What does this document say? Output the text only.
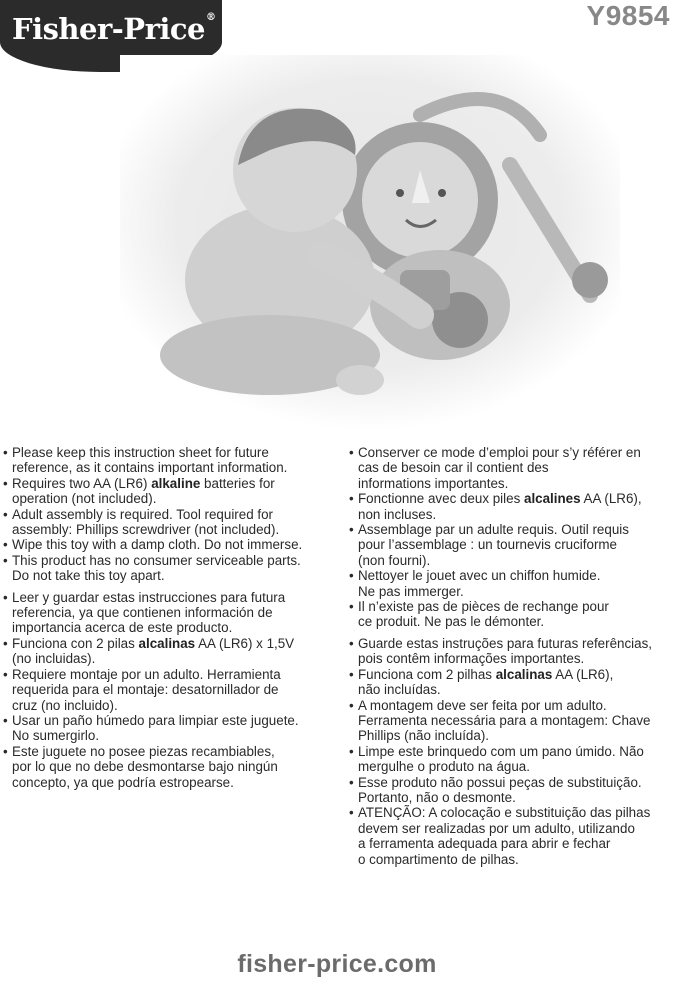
Fisher-Price®	Y9854
• Please keep this instruction sheet for future
reference, as it contains important information.
• Requires two AA (LR6) alkaline batteries for
operation (not included).
• Adult assembly is required. Tool required for
assembly: Phillips screwdriver (not included).
• Wipe this toy with a damp cloth. Do not immerse.
• This product has no consumer serviceable parts.
Do not take this toy apart.
• Leer y guardar estas instrucciones para futura
referencia, ya que contienen información de
importancia acerca de este producto.
• Funciona con 2 pilas alcalinas AA (LR6) x 1,5V
(no incluidas).
• Requiere montaje por un adulto. Herramienta
requerida para el montaje: desatornillador de
cruz (no incluido).
• Usar un paño húmedo para limpiar este juguete.
No sumergirlo.
• Este juguete no posee piezas recambiables,
por lo que no debe desmontarse bajo ningún
concepto, ya que podría estropearse.
• Conserver ce mode d’emploi pour s’y référer en
cas de besoin car il contient des
informations importantes.
• Fonctionne avec deux piles alcalines AA (LR6),
non incluses.
• Assemblage par un adulte requis. Outil requis
pour l’assemblage : un tournevis cruciforme
(non fourni).
• Nettoyer le jouet avec un chiffon humide.
Ne pas immerger.
• Il n’existe pas de pièces de rechange pour
ce produit. Ne pas le démonter.
• Guarde estas instruções para futuras referências,
pois contêm informações importantes.
• Funciona com 2 pilhas alcalinas AA (LR6),
não incluídas.
• A montagem deve ser feita por um adulto.
Ferramenta necessária para a montagem: Chave
Phillips (não incluída).
• Limpe este brinquedo com um pano úmido. Não
mergulhe o produto na água.
• Esse produto não possui peças de substituição.
Portanto, não o desmonte.
• ATENÇÃO: A colocação e substituição das pilhas
devem ser realizadas por um adulto, utilizando
a ferramenta adequada para abrir e fechar
o compartimento de pilhas.
fisher-price.com
